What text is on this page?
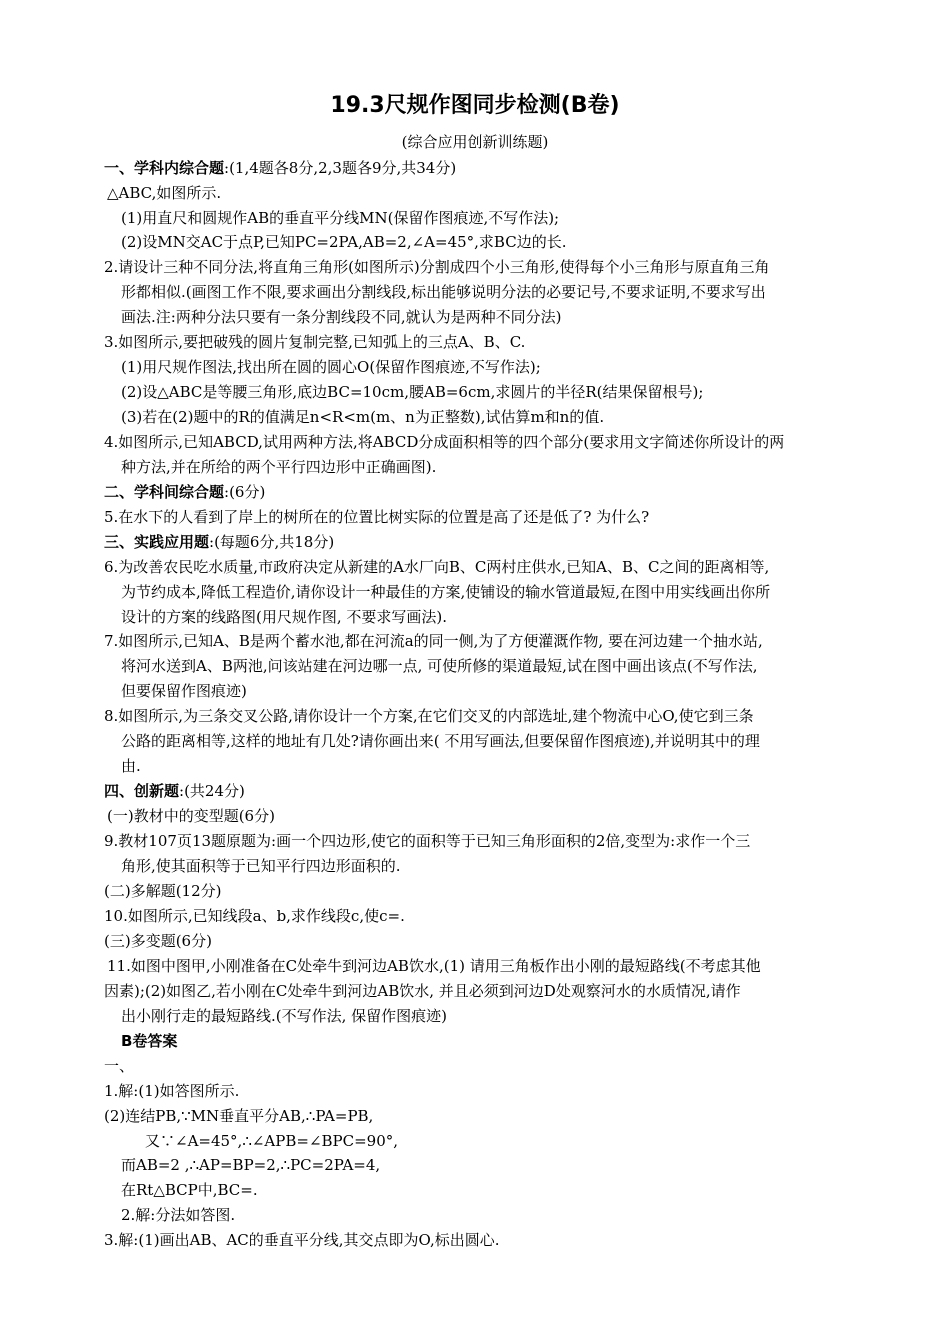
19.3尺规作图同步检测(B卷)
(综合应用创新训练题)
一、学科内综合题:(1,4题各8分,2,3题各9分,共34分)
△ABC,如图所示.
(1)用直尺和圆规作AB的垂直平分线MN(保留作图痕迹,不写作法);
(2)设MN交AC于点P,已知PC=2PA,AB=2,∠A=45°,求BC边的长.
2.请设计三种不同分法,将直角三角形(如图所示)分割成四个小三角形,使得每个小三角形与原直角三角
形都相似.(画图工作不限,要求画出分割线段,标出能够说明分法的必要记号,不要求证明,不要求写出
画法.注:两种分法只要有一条分割线段不同,就认为是两种不同分法)
3.如图所示,要把破残的圆片复制完整,已知弧上的三点A、B、C.
(1)用尺规作图法,找出所在圆的圆心O(保留作图痕迹,不写作法);
(2)设△ABC是等腰三角形,底边BC=10cm,腰AB=6cm,求圆片的半径R(结果保留根号);
(3)若在(2)题中的R的值满足n<R<m(m、n为正整数),试估算m和n的值.
4.如图所示,已知ABCD,试用两种方法,将ABCD分成面积相等的四个部分(要求用文字简述你所设计的两
种方法,并在所给的两个平行四边形中正确画图).
二、学科间综合题:(6分)
5.在水下的人看到了岸上的树所在的位置比树实际的位置是高了还是低了? 为什么?
三、实践应用题:(每题6分,共18分)
6.为改善农民吃水质量,市政府决定从新建的A水厂向B、C两村庄供水,已知A、B、C之间的距离相等,
为节约成本,降低工程造价,请你设计一种最佳的方案,使铺设的输水管道最短,在图中用实线画出你所
设计的方案的线路图(用尺规作图, 不要求写画法).
7.如图所示,已知A、B是两个蓄水池,都在河流a的同一侧,为了方便灌溉作物, 要在河边建一个抽水站,
将河水送到A、B两池,问该站建在河边哪一点, 可使所修的渠道最短,试在图中画出该点(不写作法,
但要保留作图痕迹)
8.如图所示,为三条交叉公路,请你设计一个方案,在它们交叉的内部选址,建个物流中心O,使它到三条
公路的距离相等,这样的地址有几处?请你画出来( 不用写画法,但要保留作图痕迹),并说明其中的理
由.
四、创新题:(共24分)
(一)教材中的变型题(6分)
9.教材107页13题原题为:画一个四边形,使它的面积等于已知三角形面积的2倍,变型为:求作一个三
角形,使其面积等于已知平行四边形面积的.
(二)多解题(12分)
10.如图所示,已知线段a、b,求作线段c,使c=.
(三)多变题(6分)
11.如图中图甲,小刚准备在C处牵牛到河边AB饮水,(1) 请用三角板作出小刚的最短路线(不考虑其他
因素);(2)如图乙,若小刚在C处牵牛到河边AB饮水, 并且必须到河边D处观察河水的水质情况,请作
出小刚行走的最短路线.(不写作法, 保留作图痕迹)
B卷答案
一、
1.解:(1)如答图所示.
(2)连结PB,∵MN垂直平分AB,∴PA=PB,
又∵∠A=45°,∴∠APB=∠BPC=90°,
而AB=2 ,∴AP=BP=2,∴PC=2PA=4,
在Rt△BCP中,BC=.
2.解:分法如答图.
3.解:(1)画出AB、AC的垂直平分线,其交点即为O,标出圆心.
